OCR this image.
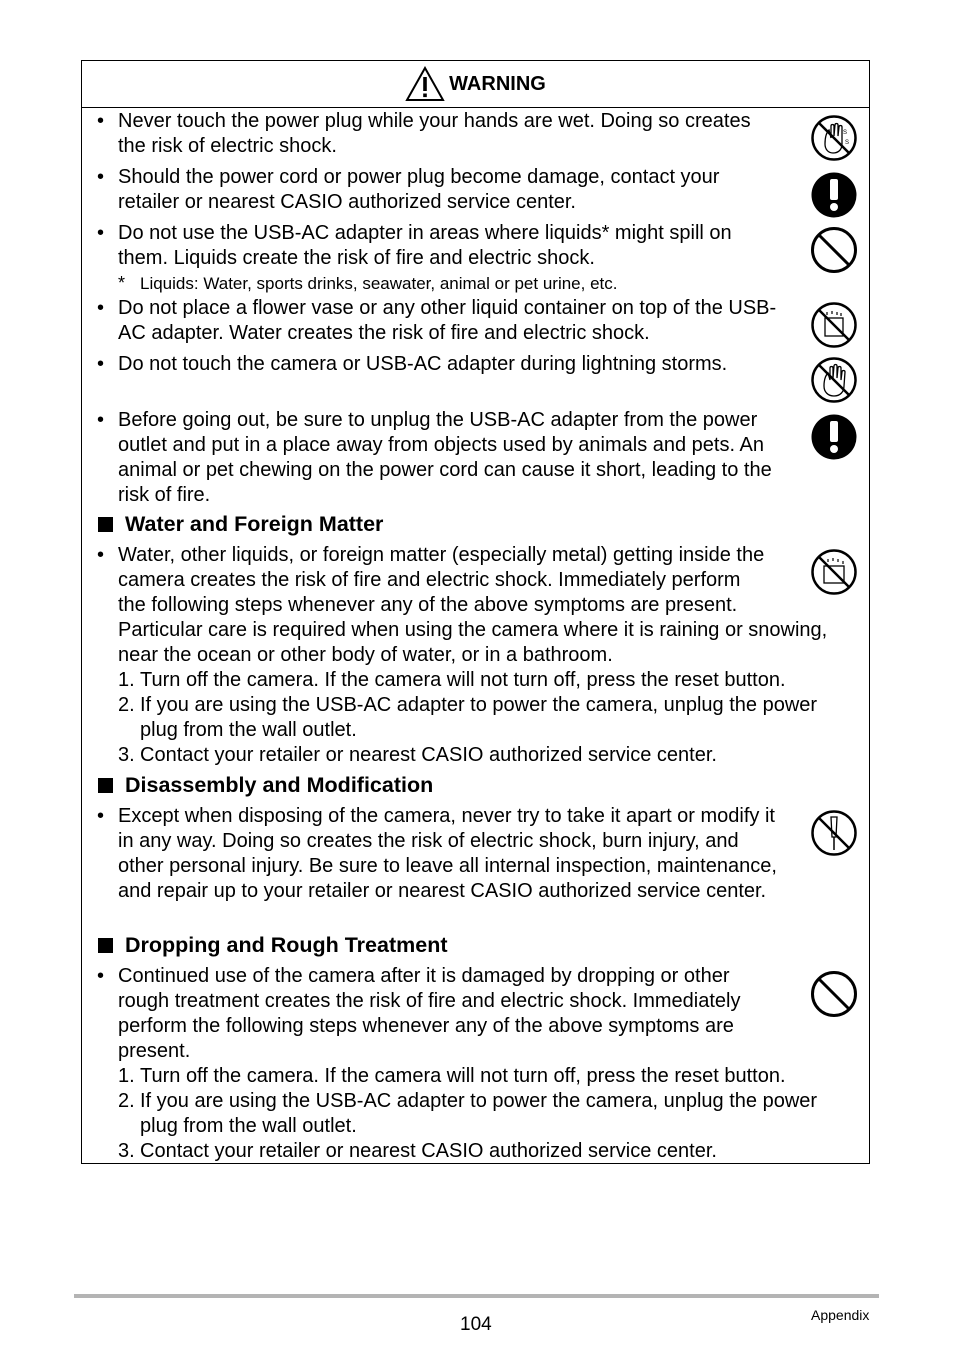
WARNING
• Never touch the power plug while your hands are wet. Doing so creates the risk of electric shock.
S
S
• Should the power cord or power plug become damage, contact your retailer or nearest CASIO authorized service center.
• Do not use the USB-AC adapter in areas where liquids* might spill on them. Liquids create the risk of fire and electric shock.
* Liquids: Water, sports drinks, seawater, animal or pet urine, etc.
• Do not place a flower vase or any other liquid container on top of the USB-AC adapter. Water creates the risk of fire and electric shock.
• Do not touch the camera or USB-AC adapter during lightning storms.
• Before going out, be sure to unplug the USB-AC adapter from the power outlet and put in a place away from objects used by animals and pets. An animal or pet chewing on the power cord can cause it short, leading to the risk of fire.
Water and Foreign Matter
• Water, other liquids, or foreign matter (especially metal) getting inside the camera creates the risk of fire and electric shock. Immediately perform the following steps whenever any of the above symptoms are present. Particular care is required when using the camera where it is raining or snowing, near the ocean or other body of water, or in a bathroom.
1. Turn off the camera. If the camera will not turn off, press the reset button.
2. If you are using the USB-AC adapter to power the camera, unplug the power plug from the wall outlet.
3. Contact your retailer or nearest CASIO authorized service center.
Disassembly and Modification
• Except when disposing of the camera, never try to take it apart or modify it in any way. Doing so creates the risk of electric shock, burn injury, and other personal injury. Be sure to leave all internal inspection, maintenance, and repair up to your retailer or nearest CASIO authorized service center.
Dropping and Rough Treatment
• Continued use of the camera after it is damaged by dropping or other rough treatment creates the risk of fire and electric shock. Immediately perform the following steps whenever any of the above symptoms are present.
1. Turn off the camera. If the camera will not turn off, press the reset button.
2. If you are using the USB-AC adapter to power the camera, unplug the power plug from the wall outlet.
3. Contact your retailer or nearest CASIO authorized service center.
104	Appendix
